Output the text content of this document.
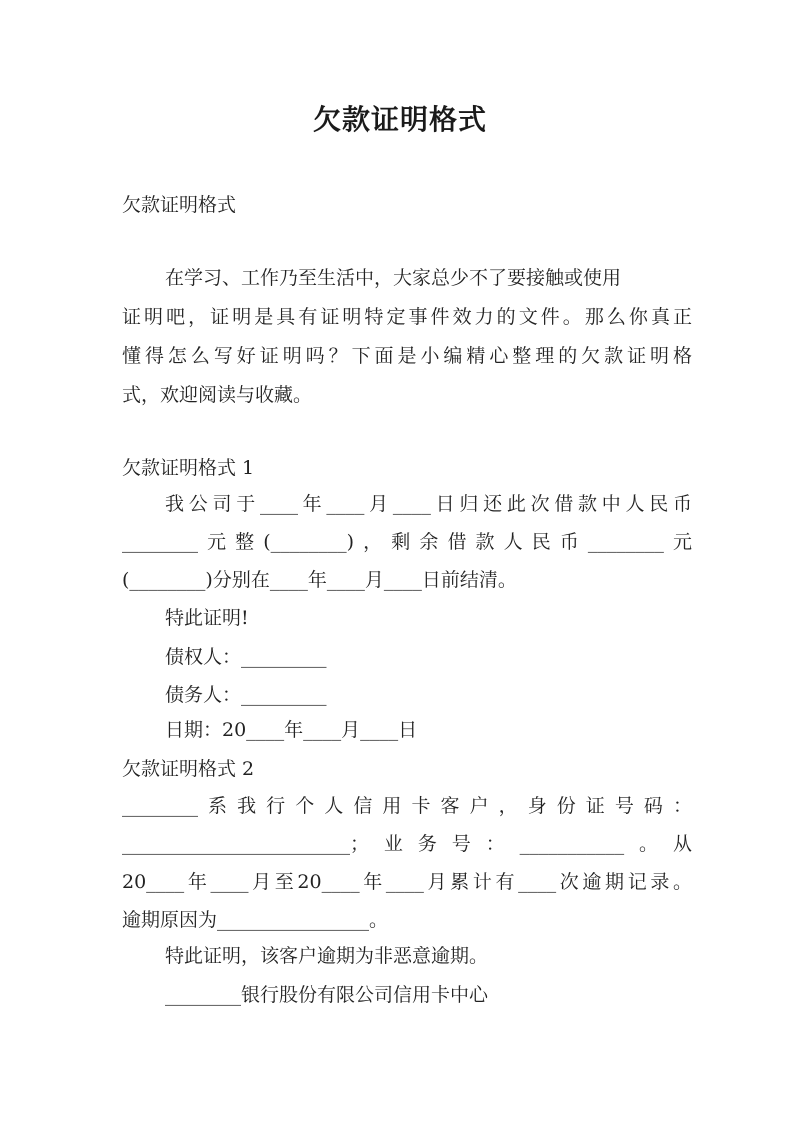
欠款证明格式
欠款证明格式
在学习、工作乃至生活中，大家总少不了要接触或使用
证明吧，证明是具有证明特定事件效力的文件。那么你真正
懂得怎么写好证明吗？下面是小编精心整理的欠款证明格
式，欢迎阅读与收藏。
欠款证明格式 1
我公司于____年____月____日归还此次借款中人民币
________元整(________)，剩余借款人民币________元
(________)分别在____年____月____日前结清。
特此证明!
债权人：_________
债务人：_________
日期：20____年____月____日
欠款证明格式 2
________系我行个人信用卡客户，身份证号码：
________________________；业务号：___________。从
20____年____月至20____年____月累计有____次逾期记录。
逾期原因为________________。
特此证明，该客户逾期为非恶意逾期。
________银行股份有限公司信用卡中心
